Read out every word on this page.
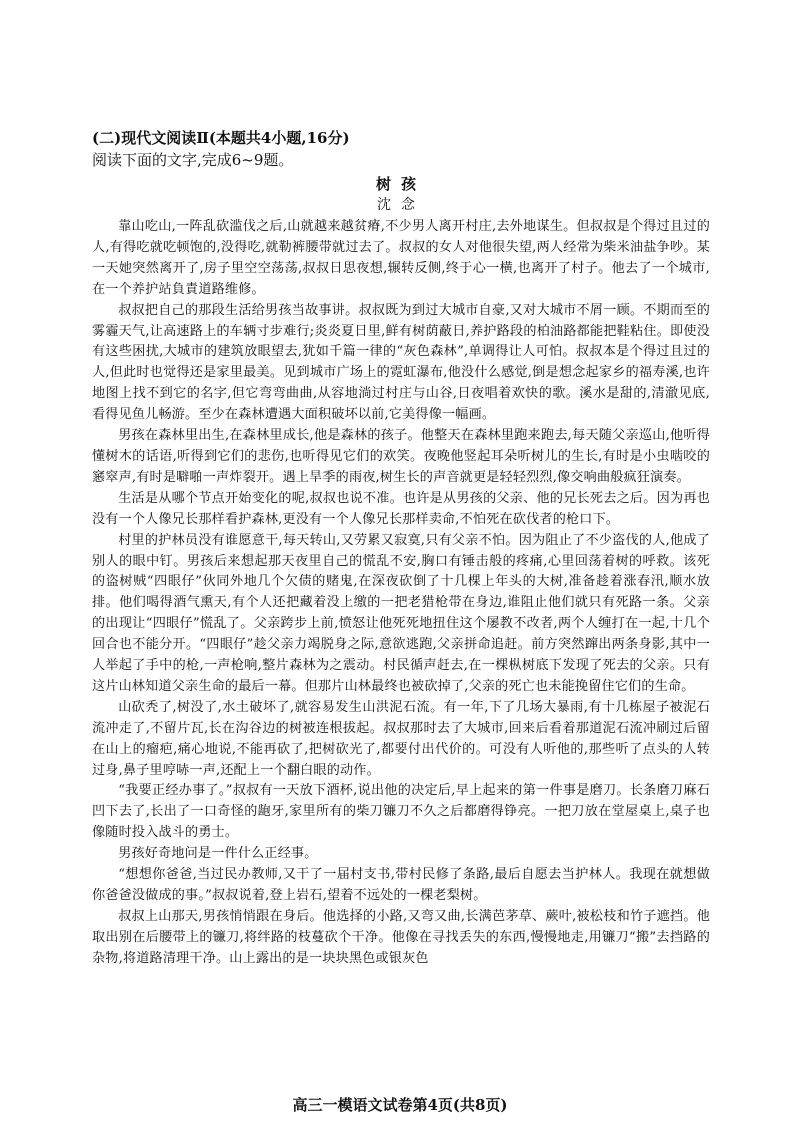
(二)现代文阅读Ⅱ(本题共4小题,16分)

阅读下面的文字,完成6~9题。

树孩

沈念

靠山吃山,一阵乱砍滥伐之后,山就越来越贫瘠,不少男人离开村庄,去外地谋生。但叔叔是个得过且过的人,有得吃就吃顿饱的,没得吃,就勒裤腰带就过去了。叔叔的女人对他很失望,两人经常为柴米油盐争吵。某一天她突然离开了,房子里空空荡荡,叔叔日思夜想,辗转反侧,终于心一横,也离开了村子。他去了一个城市,在一个养护站負責道路维修。

叔叔把自己的那段生活给男孩当故事讲。叔叔既为到过大城市自豪,又对大城市不屑一顾。不期而至的雾霾天气,让高速路上的车辆寸步难行;炎炎夏日里,鲜有树荫蔽日,养护路段的柏油路都能把鞋粘住。即使没有这些困扰,大城市的建筑放眼望去,犹如千篇一律的“灰色森林”,单调得让人可怕。叔叔本是个得过且过的人,但此时也觉得还是家里最美。见到城市广场上的霓虹瀑布,他没什么感觉,倒是想念起家乡的福寿溪,也许地图上找不到它的名字,但它弯弯曲曲,从容地淌过村庄与山谷,日夜唱着欢快的歌。溪水是甜的,清澈见底,看得见鱼儿畅游。至少在森林遭遇大面积破坏以前,它美得像一幅画。

男孩在森林里出生,在森林里成长,他是森林的孩子。他整天在森林里跑来跑去,每天随父亲巡山,他听得懂树木的话语,听得到它们的悲伤,也听得见它们的欢笑。夜晚他竖起耳朵听树儿的生长,有时是小虫啮咬的窸窣声,有时是噼啪一声炸裂开。遇上旱季的雨夜,树生长的声音就更是轻轻烈烈,像交响曲般疯狂演奏。

生活是从哪个节点开始变化的呢,叔叔也说不准。也许是从男孩的父亲、他的兄长死去之后。因为再也没有一个人像兄长那样看护森林,更没有一个人像兄长那样卖命,不怕死在砍伐者的枪口下。

村里的护林员没有谁愿意干,每天转山,又劳累又寂寞,只有父亲不怕。因为阻止了不少盗伐的人,他成了别人的眼中钉。男孩后来想起那天夜里自己的慌乱不安,胸口有锤击般的疼痛,心里回荡着树的呼救。该死的盗树贼“四眼仔”伙同外地几个欠债的赌鬼,在深夜砍倒了十几棵上年头的大树,准备趁着涨春汛,顺水放排。他们喝得酒气熏天,有个人还把藏着没上缴的一把老猎枪带在身边,谁阻止他们就只有死路一条。父亲的出现让“四眼仔”慌乱了。父亲跨步上前,愤怒让他死死地扭住这个屡教不改者,两个人缠打在一起,十几个回合也不能分开。“四眼仔”趁父亲力竭脱身之际,意欲逃跑,父亲拼命追赶。前方突然蹿出两条身影,其中一人举起了手中的枪,一声枪响,整片森林为之震动。村民循声赶去,在一棵枞树底下发现了死去的父亲。只有这片山林知道父亲生命的最后一幕。但那片山林最终也被砍掉了,父亲的死亡也未能挽留住它们的生命。

山砍秃了,树没了,水土破坏了,就容易发生山洪泥石流。有一年,下了几场大暴雨,有十几栋屋子被泥石流冲走了,不留片瓦,长在沟谷边的树被连根拔起。叔叔那时去了大城市,回来后看着那道泥石流冲刷过后留在山上的瘤疤,痛心地说,不能再砍了,把树砍光了,都要付出代价的。可没有人听他的,那些听了点头的人转过身,鼻子里哼哧一声,还配上一个翻白眼的动作。

“我要正经办事了。”叔叔有一天放下酒杯,说出他的决定后,早上起来的第一件事是磨刀。长条磨刀麻石凹下去了,长出了一口奇怪的龅牙,家里所有的柴刀镰刀不久之后都磨得铮亮。一把刀放在堂屋桌上,桌子也像随时投入战斗的勇士。

男孩好奇地问是一件什么正经事。

“想想你爸爸,当过民办教师,又干了一届村支书,带村民修了条路,最后自愿去当护林人。我现在就想做你爸爸没做成的事。”叔叔说着,登上岩石,望着不远处的一棵老梨树。

叔叔上山那天,男孩悄悄跟在身后。他选择的小路,又弯又曲,长满芭茅草、蕨叶,被松枝和竹子遮挡。他取出别在后腰带上的镰刀,将绊路的枝蔓砍个干净。他像在寻找丢失的东西,慢慢地走,用镰刀“搬”去挡路的杂物,将道路清理干净。山上露出的是一块块黑色或银灰色

高三一模语文试卷第4页(共8页)
